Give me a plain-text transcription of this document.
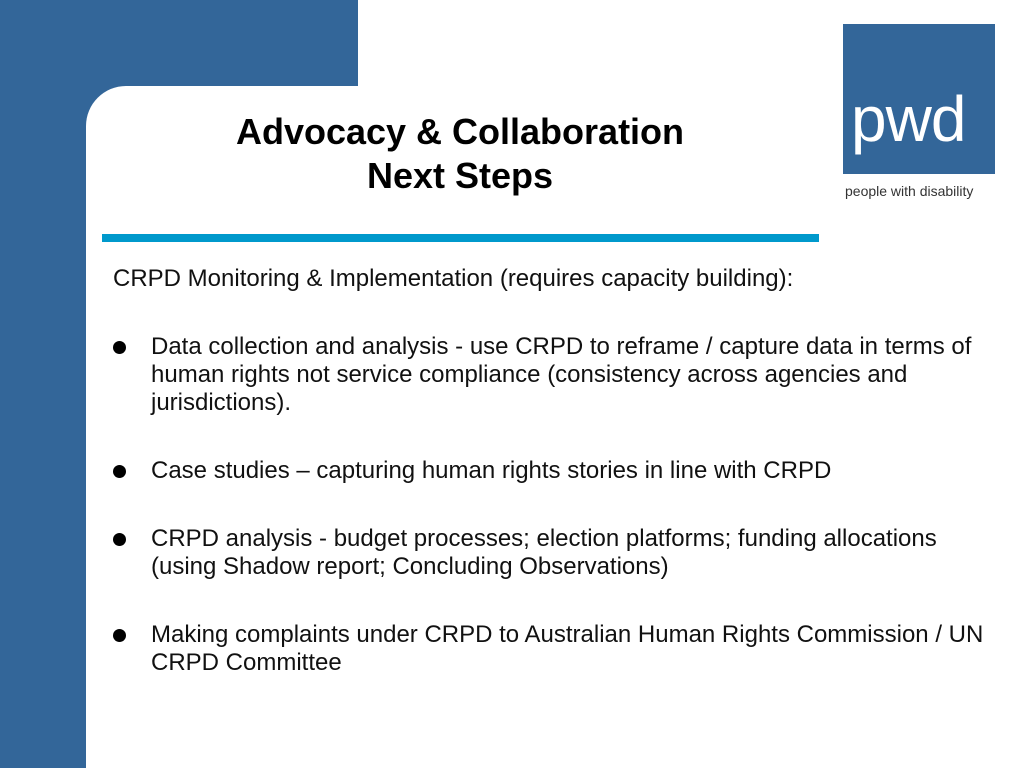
Advocacy & Collaboration
Next Steps
pwd
people with disability

CRPD Monitoring & Implementation (requires capacity building):

Data collection and analysis - use CRPD to reframe / capture data in terms of human rights not service compliance (consistency across agencies and jurisdictions).
Case studies – capturing human rights stories in line with CRPD
CRPD analysis - budget processes; election platforms; funding allocations (using Shadow report; Concluding Observations)
Making complaints under CRPD to Australian Human Rights Commission / UN CRPD Committee
